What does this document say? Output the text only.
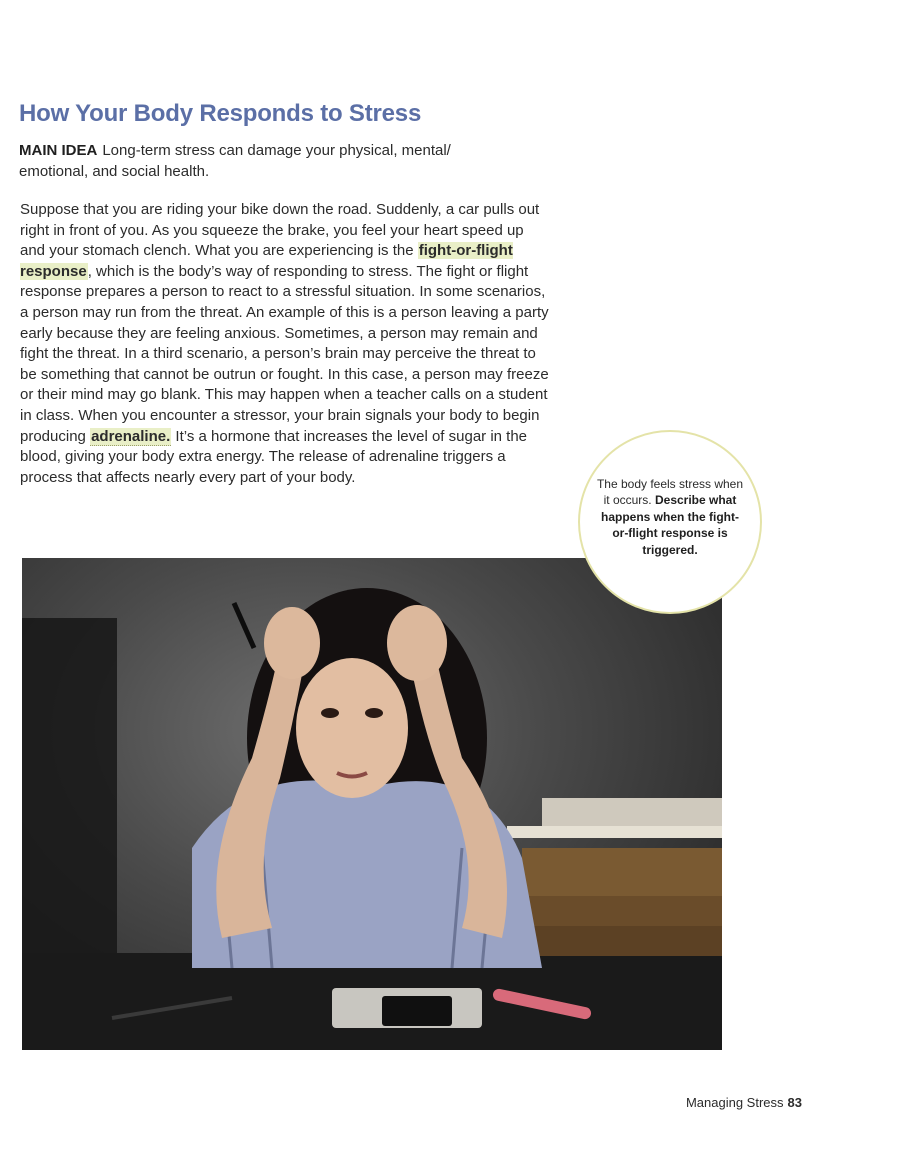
How Your Body Responds to Stress

MAIN IDEA Long-term stress can damage your physical, mental/ emotional, and social health.

Suppose that you are riding your bike down the road. Suddenly, a car pulls out right in front of you. As you squeeze the brake, you feel your heart speed up and your stomach clench. What you are experiencing is the fight-or-flight response, which is the body’s way of responding to stress. The fight or flight response prepares a person to react to a stressful situation. In some scenarios, a person may run from the threat. An example of this is a person leaving a party early because they are feeling anxious. Sometimes, a person may remain and fight the threat. In a third scenario, a person’s brain may perceive the threat to be something that cannot be outrun or fought. In this case, a person may freeze or their mind may go blank. This may happen when a teacher calls on a student in class. When you encounter a stressor, your brain signals your body to begin producing adrenaline. It’s a hormone that increases the level of sugar in the blood, giving your body extra energy. The release of adrenaline triggers a process that affects nearly every part of your body.	The body feels stress when it occurs. Describe what happens when the fight-or-flight response is triggered.
Managing Stress 83
